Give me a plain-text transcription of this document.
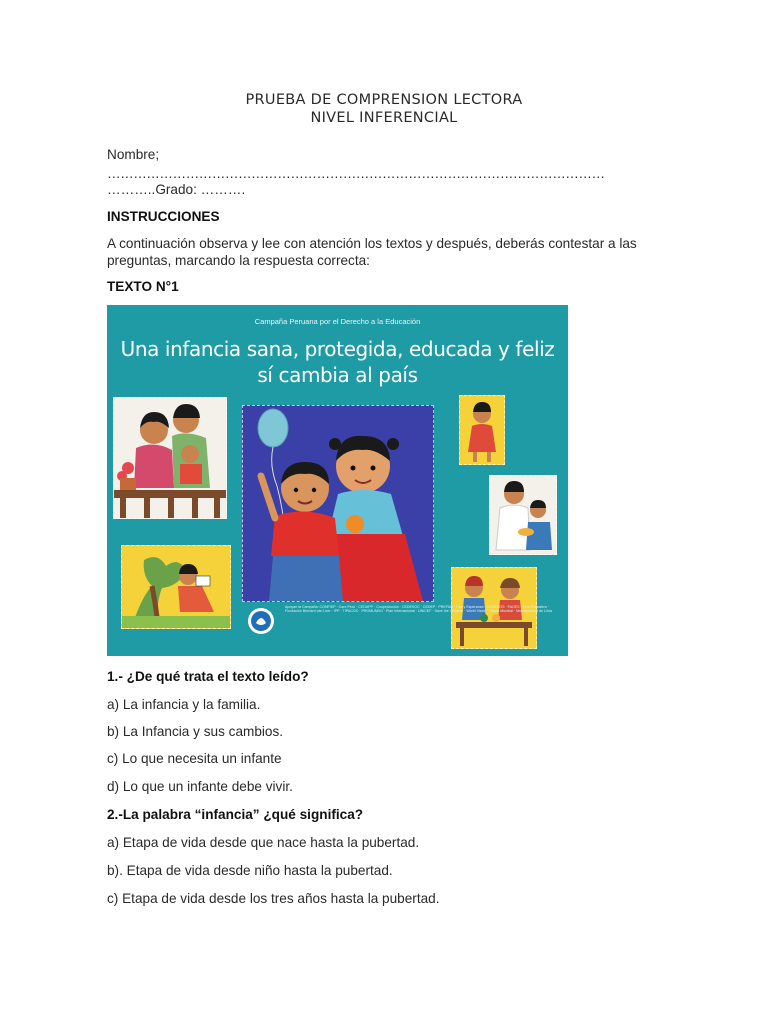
PRUEBA DE COMPRENSION LECTORA
NIVEL INFERENCIAL
Nombre;
……………………………………………………………………………………………………
………..Grado: ……….
INSTRUCCIONES
A continuación observa y lee con atención los textos y después, deberás contestar a las preguntas, marcando la respuesta correcta:
TEXTO N°1
Campaña Peruana por el Derecho a la Educación
Una infancia sana, protegida, educada y feliz
sí cambia al país
Apoyan la Campaña: CONFIEP · Care Perú · CEDAPP · CooperAcción · CEDESOC · CEDEP · PREFAM · Paz y Esperanza · CEDECOS · FACES · Foro Educativo · Fundación Bernard van Leer · IPP · TIPACOC · PROMUNDO · Plan Internacional · UNICEF · Save the Children · World Vision · Visión Mundial · Municipalidad de Lima
1.- ¿De qué trata el texto leído?
a) La infancia y la familia.
b) La Infancia y sus cambios.
c) Lo que necesita un infante
d) Lo que un infante debe vivir.
2.-La palabra “infancia” ¿qué significa?
a) Etapa de vida desde que nace hasta la pubertad.
b). Etapa de vida desde niño hasta la pubertad.
c) Etapa de vida desde los tres años hasta la pubertad.
